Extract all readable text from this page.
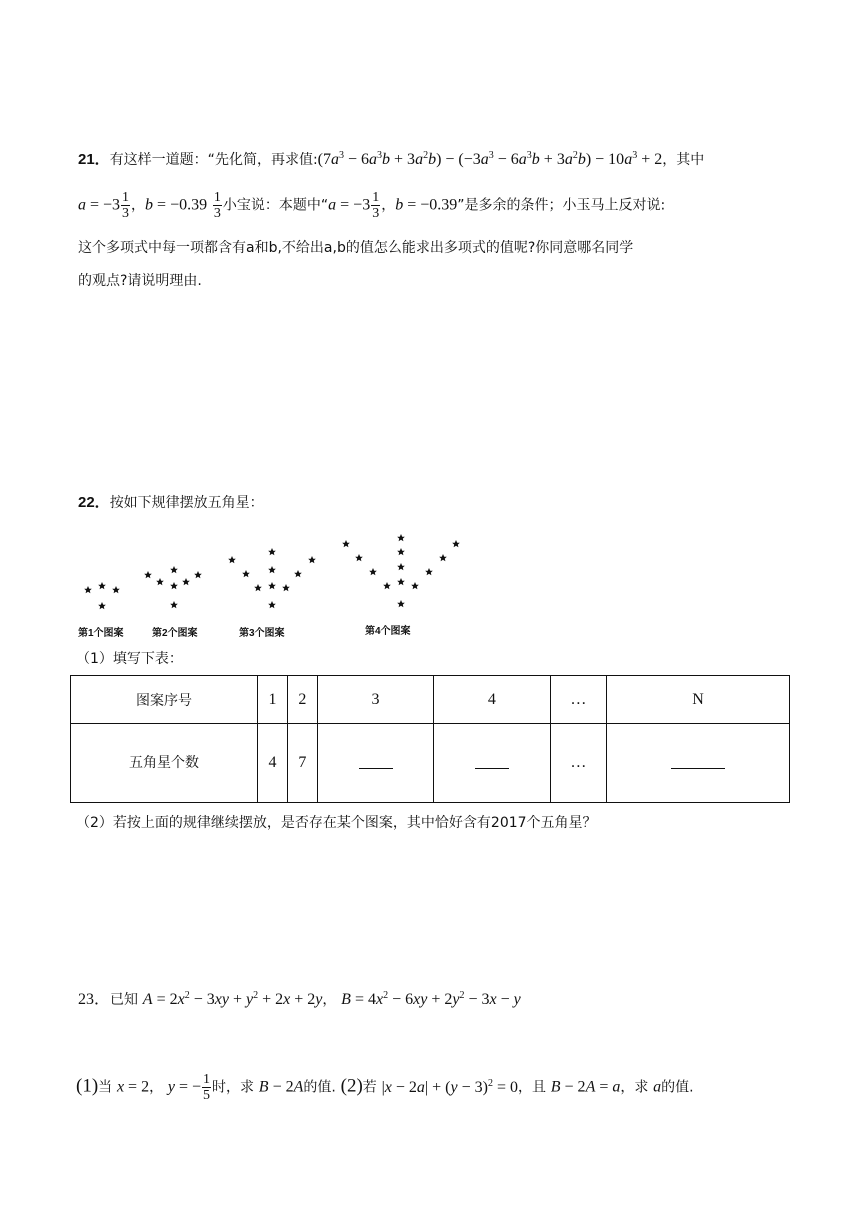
21．有这样一道题：“先化简，再求值$:(7a^3 - 6a^3b + 3a^2b) - (-3a^3 - 6a^3b + 3a^2b) - 10a^3 + 2$，其中
$a = -3 \frac{1}{3}$ ，$b = -0.39 \frac{1}{3}$ 小宝说：本题中“$a = -3 \frac{1}{3}$ ，b = −0.39”是多余的条件；小玉马上反对说:
这个多项式中每一项都含有a和b,不给出a,b的值怎么能求出多项式的值呢?你同意哪名同学
的观点?请说明理由.
22．按如下规律摆放五角星：
第1个图案	第2个图案	第3个图案	第4个图案
（1）填写下表：
图案序号	1	2	3	4	…	N
五角星个数	4	7			…	
（2）若按上面的规律继续摆放，是否存在某个图案，其中恰好含有2017个五角星？
23．已知 $A = 2x^2 - 3xy + y^2 + 2x + 2y$， $B = 4x^2 - 6xy + 2y^2 - 3x - y$
(1)当 x = 2， y = − $\frac{1}{5}$ 时，求 B − 2A的值. (2)若 $|x - 2a| + (y - 3)^2 = 0$，且 B − 2A = a，求 a的值.
